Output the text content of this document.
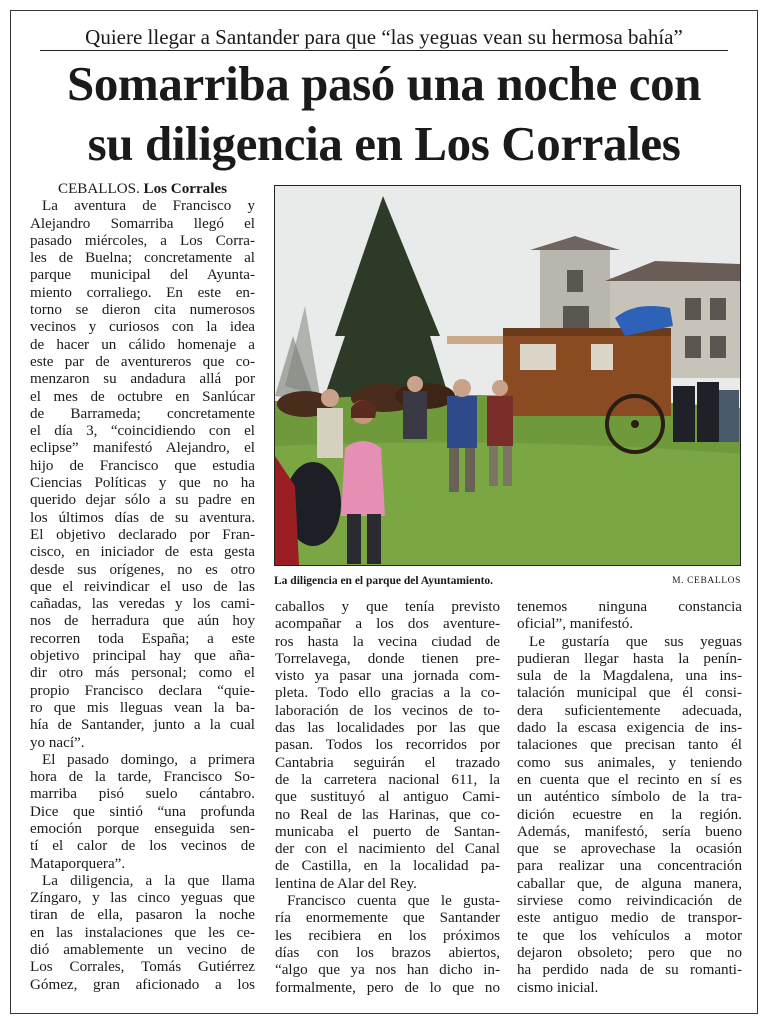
Quiere llegar a Santander para que “las yeguas vean su hermosa bahía”
Somarriba pasó una noche con
su diligencia en Los Corrales
La diligencia en el parque del Ayuntamiento.	M. CEBALLOS
CEBALLOS. Los Corrales
La aventura de Francisco y
Alejandro Somarriba llegó el
pasado miércoles, a Los Corra-
les de Buelna; concretamente al
parque municipal del Ayunta-
miento corraliego. En este en-
torno se dieron cita numerosos
vecinos y curiosos con la idea
de hacer un cálido homenaje a
este par de aventureros que co-
menzaron su andadura allá por
el mes de octubre en Sanlúcar
de Barrameda; concretamente
el día 3, “coincidiendo con el
eclipse” manifestó Alejandro, el
hijo de Francisco que estudia
Ciencias Políticas y que no ha
querido dejar sólo a su padre en
los últimos días de su aventura.
El objetivo declarado por Fran-
cisco, en iniciador de esta gesta
desde sus orígenes, no es otro
que el reivindicar el uso de las
cañadas, las veredas y los cami-
nos de herradura que aún hoy
recorren toda España; a este
objetivo principal hay que aña-
dir otro más personal; como el
propio Francisco declara “quie-
ro que mis lleguas vean la ba-
hía de Santander, junto a la cual
yo nací”.
El pasado domingo, a primera
hora de la tarde, Francisco So-
marriba pisó suelo cántabro.
Dice que sintió “una profunda
emoción porque enseguida sen-
tí el calor de los vecinos de
Mataporquera”.
La diligencia, a la que llama
Zíngaro, y las cinco yeguas que
tiran de ella, pasaron la noche
en las instalaciones que les ce-
dió amablemente un vecino de
Los Corrales, Tomás Gutiérrez
Gómez, gran aficionado a los
caballos y que tenía previsto
acompañar a los dos aventure-
ros hasta la vecina ciudad de
Torrelavega, donde tienen pre-
visto ya pasar una jornada com-
pleta. Todo ello gracias a la co-
laboración de los vecinos de to-
das las localidades por las que
pasan. Todos los recorridos por
Cantabria seguirán el trazado
de la carretera nacional 611, la
que sustituyó al antiguo Cami-
no Real de las Harinas, que co-
municaba el puerto de Santan-
der con el nacimiento del Canal
de Castilla, en la localidad pa-
lentina de Alar del Rey.
Francisco cuenta que le gusta-
ría enormemente que Santander
les recibiera en los próximos
días con los brazos abiertos,
“algo que ya nos han dicho in-
formalmente, pero de lo que no
tenemos ninguna constancia
oficial”, manifestó.
Le gustaría que sus yeguas
pudieran llegar hasta la penín-
sula de la Magdalena, una ins-
talación municipal que él consi-
dera suficientemente adecuada,
dado la escasa exigencia de ins-
talaciones que precisan tanto él
como sus animales, y teniendo
en cuenta que el recinto en sí es
un auténtico símbolo de la tra-
dición ecuestre en la región.
Además, manifestó, sería bueno
que se aprovechase la ocasión
para realizar una concentración
caballar que, de alguna manera,
sirviese como reivindicación de
este antiguo medio de transpor-
te que los vehículos a motor
dejaron obsoleto; pero que no
ha perdido nada de su romanti-
cismo inicial.
